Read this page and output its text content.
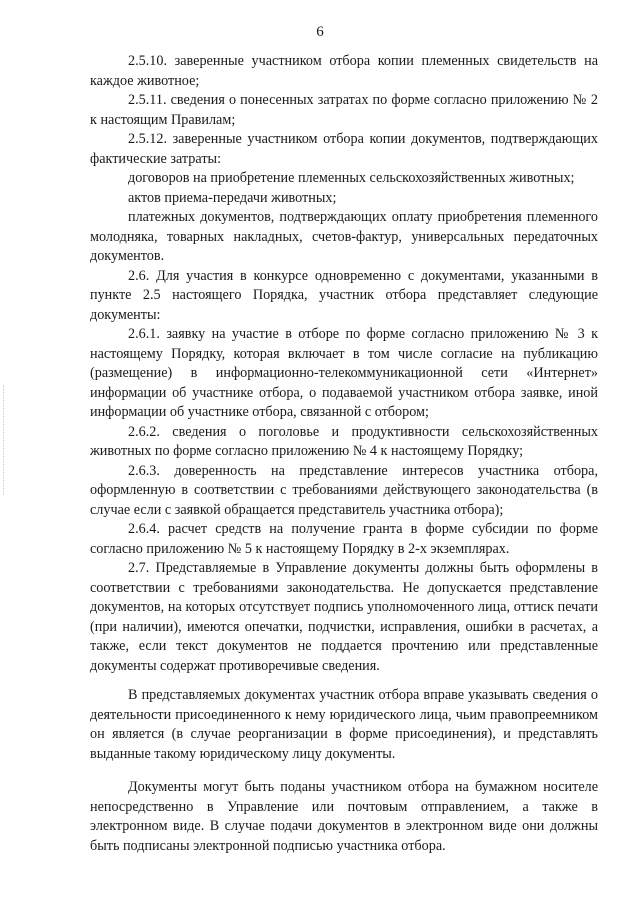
6

2.5.10. заверенные участником отбора копии племенных свидетельств на каждое животное;

2.5.11. сведения о понесенных затратах по форме согласно приложению № 2 к настоящим Правилам;

2.5.12. заверенные участником отбора копии документов, подтверждающих фактические затраты:

договоров на приобретение племенных сельскохозяйственных животных;

актов приема-передачи животных;

платежных документов, подтверждающих оплату приобретения племенного молодняка, товарных накладных, счетов-фактур, универсальных передаточных документов.

2.6. Для участия в конкурсе одновременно с документами, указанными в пункте 2.5 настоящего Порядка, участник отбора представляет следующие документы:

2.6.1. заявку на участие в отборе по форме согласно приложению № 3 к настоящему Порядку, которая включает в том числе согласие на публикацию (размещение) в информационно-телекоммуникационной сети «Интернет» информации об участнике отбора, о подаваемой участником отбора заявке, иной информации об участнике отбора, связанной с отбором;

2.6.2. сведения о поголовье и продуктивности сельскохозяйственных животных по форме согласно приложению № 4 к настоящему Порядку;

2.6.3. доверенность на представление интересов участника отбора, оформленную в соответствии с требованиями действующего законодательства (в случае если с заявкой обращается представитель участника отбора);

2.6.4. расчет средств на получение гранта в форме субсидии по форме согласно приложению № 5 к настоящему Порядку в 2-х экземплярах.

2.7. Представляемые в Управление документы должны быть оформлены в соответствии с требованиями законодательства. Не допускается представление документов, на которых отсутствует подпись уполномоченного лица, оттиск печати (при наличии), имеются опечатки, подчистки, исправления, ошибки в расчетах, а также, если текст документов не поддается прочтению или представленные документы содержат противоречивые сведения.

В представляемых документах участник отбора вправе указывать сведения о деятельности присоединенного к нему юридического лица, чьим правопреемником он является (в случае реорганизации в форме присоединения), и представлять выданные такому юридическому лицу документы.

Документы могут быть поданы участником отбора на бумажном носителе непосредственно в Управление или почтовым отправлением, а также в электронном виде. В случае подачи документов в электронном виде они должны быть подписаны электронной подписью участника отбора.
